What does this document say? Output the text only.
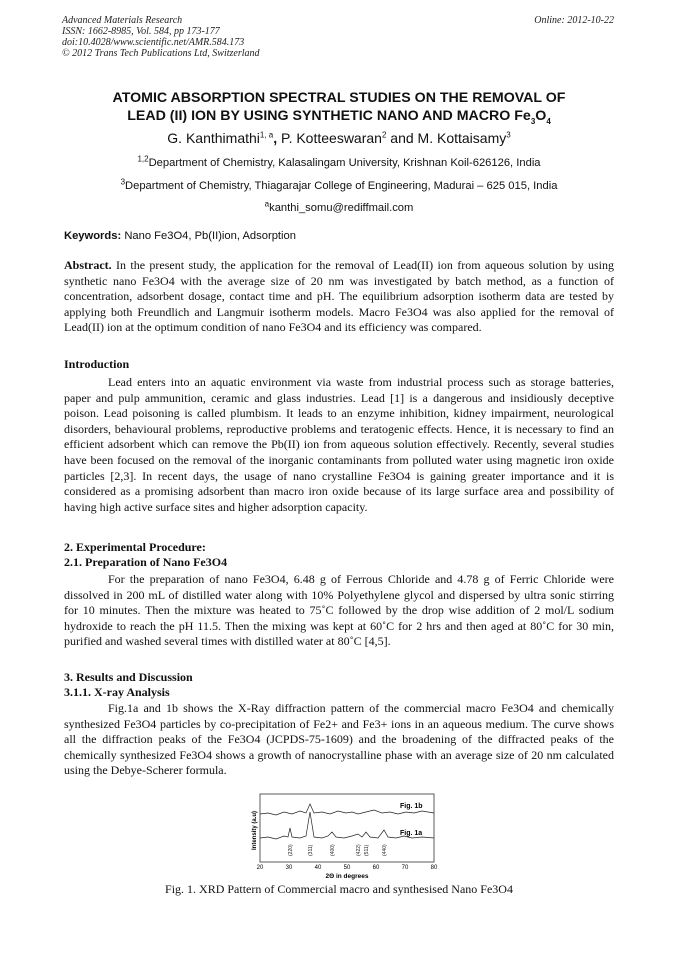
Advanced Materials Research
ISSN: 1662-8985, Vol. 584, pp 173-177
doi:10.4028/www.scientific.net/AMR.584.173
© 2012 Trans Tech Publications Ltd, Switzerland
Online: 2012-10-22
ATOMIC ABSORPTION SPECTRAL STUDIES ON THE REMOVAL OF
LEAD (II) ION BY USING SYNTHETIC NANO AND MACRO $Fe_3O_4$
G. Kanthimathi$^{1, a}$, P. Kotteeswaran$^2$ and M. Kottaisamy$^3$
$^{1,2}$Department of Chemistry, Kalasalingam University, Krishnan Koil-626126, India
$^3$Department of Chemistry, Thiagarajar College of Engineering, Madurai – 625 015, India
$^a$kanthi_somu@rediffmail.com
Keywords: Nano Fe3O4, Pb(II)ion, Adsorption

Abstract. In the present study, the application for the removal of Lead(II) ion from aqueous solution by using synthetic nano Fe3O4 with the average size of 20 nm was investigated by batch method, as a function of concentration, adsorbent dosage, contact time and pH. The equilibrium adsorption isotherm data are tested by applying both Freundlich and Langmuir isotherm models. Macro Fe3O4 was also applied for the removal of Lead(II) ion at the optimum condition of nano Fe3O4 and its efficiency was compared.

Introduction

Lead enters into an aquatic environment via waste from industrial process such as storage batteries, paper and pulp ammunition, ceramic and glass industries. Lead [1] is a dangerous and insidiously deceptive poison. Lead poisoning is called plumbism. It leads to an enzyme inhibition, kidney impairment, neurological disorders, behavioural problems, reproductive problems and teratogenic effects. Hence, it is necessary to find an efficient adsorbent which can remove the Pb(II) ion from aqueous solution effectively. Recently, several studies have been focused on the removal of the inorganic contaminants from polluted water using magnetic iron oxide particles [2,3]. In recent days, the usage of nano crystalline Fe3O4 is gaining greater importance and it is considered as a promising adsorbent than macro iron oxide because of its large surface area and possibility of having high active surface sites and higher adsorption capacity.

2. Experimental Procedure:
2.1. Preparation of Nano Fe3O4

For the preparation of nano Fe3O4, 6.48 g of Ferrous Chloride and 4.78 g of Ferric Chloride were dissolved in 200 mL of distilled water along with 10% Polyethylene glycol and dispersed by ultra sonic stirring for 10 minutes. Then the mixture was heated to 75˚C followed by the drop wise addition of 2 mol/L sodium hydroxide to reach the pH 11.5. Then the mixing was kept at 60˚C for 2 hrs and then aged at 80˚C for 30 min, purified and washed several times with distilled water at 80˚C [4,5].

3. Results and Discussion
3.1.1. X-ray Analysis

Fig.1a and 1b shows the X-Ray diffraction pattern of the commercial macro Fe3O4 and chemically synthesized Fe3O4 particles by co-precipitation of Fe2+ and Fe3+ ions in an aqueous medium. The curve shows all the diffraction peaks of the Fe3O4 (JCPDS-75-1609) and the broadening of the diffracted peaks of the chemically synthesized Fe3O4 shows a growth of nanocrystalline phase with an average size of 20 nm calculated using the Debye-Scherer formula.

Fig. 1b
Fig. 1a
(220)	(311)	(400)	(422) (511) (440)
Intensity (a.u)
20	30	40	50	60	70	80
2Θ in degrees
Fig. 1. XRD Pattern of Commercial macro and synthesised Nano Fe3O4
